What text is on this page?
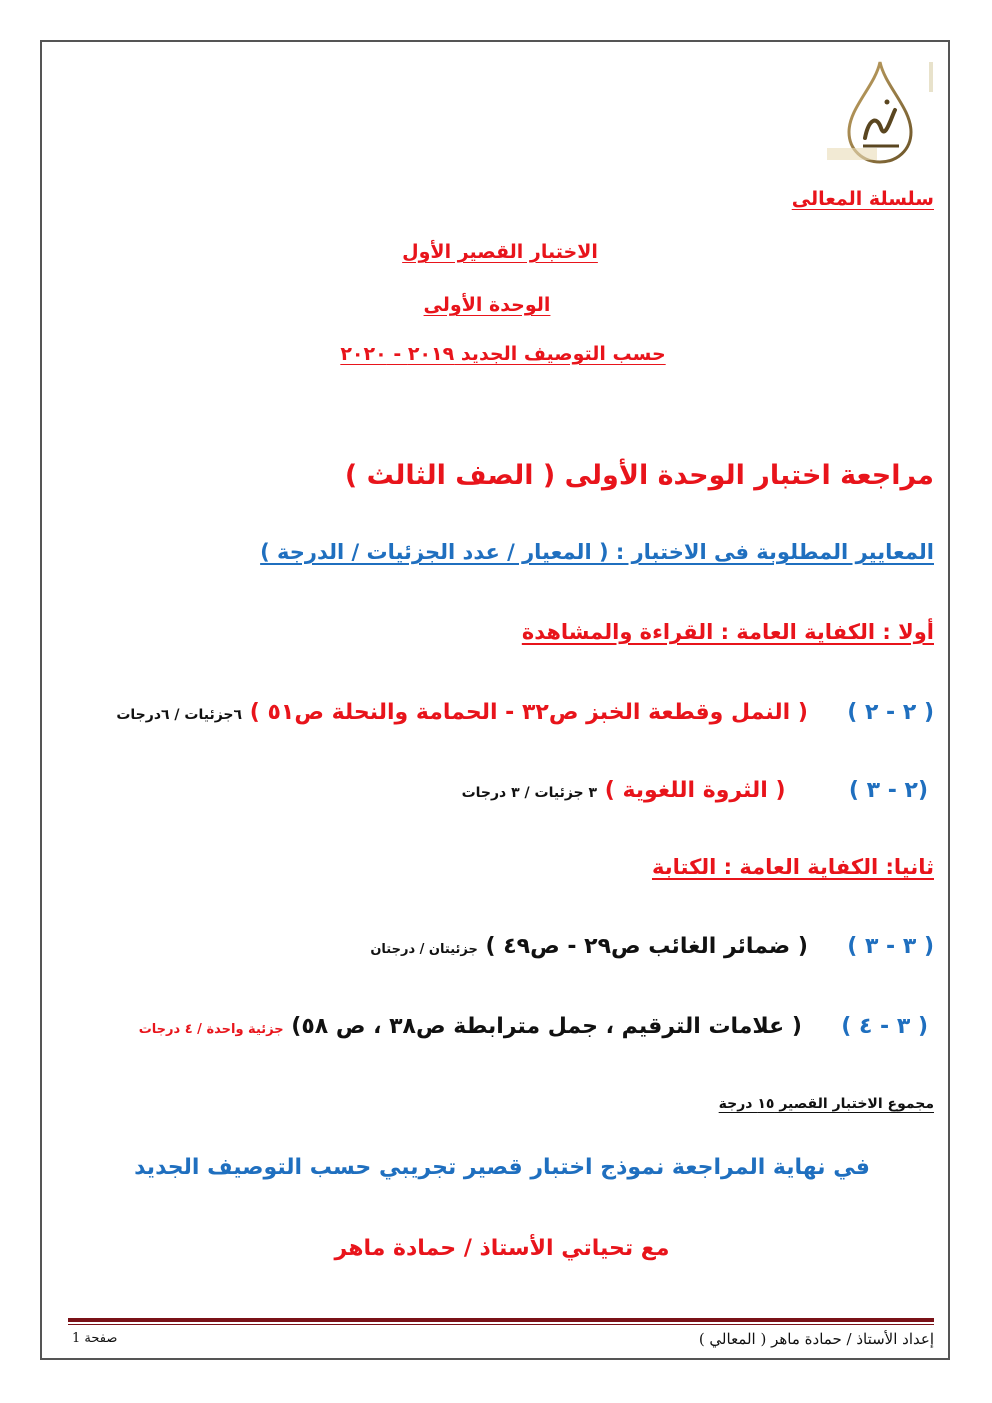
سلسلة المعالى
الاختبار القصير الأول
الوحدة الأولى
حسب التوصيف الجديد ٢٠١٩ - ٢٠٢٠
مراجعة اختبار الوحدة الأولى ( الصف الثالث )
المعايير المطلوبة فى الاختبار : ( المعيار / عدد الجزئيات / الدرجة )
أولا : الكفاية العامة : القراءة والمشاهدة
( ٢ - ٢ )  ( النمل وقطعة الخبز ص٣٢ - الحمامة والنحلة ص٥١ ) ٦جزئيات / ٦درجات
(٢ - ٣ )  ( الثروة اللغوية ) ٣ جزئيات / ٣ درجات
ثانيا: الكفاية العامة : الكتابة
( ٣ - ٣ )  ( ضمائر الغائب ص٢٩ - ص٤٩ ) جزئيتان / درجتان
( ٣ - ٤ )  ( علامات الترقيم ، جمل مترابطة ص٣٨ ، ص ٥٨) جزئية واحدة / ٤ درجات
مجموع الاختبار القصير ١٥ درجة
في نهاية المراجعة نموذج اختبار قصير تجريبي حسب التوصيف الجديد
مع تحياتي الأستاذ / حمادة ماهر
إعداد الأستاذ / حمادة ماهر ( المعالي )
صفحة 1
